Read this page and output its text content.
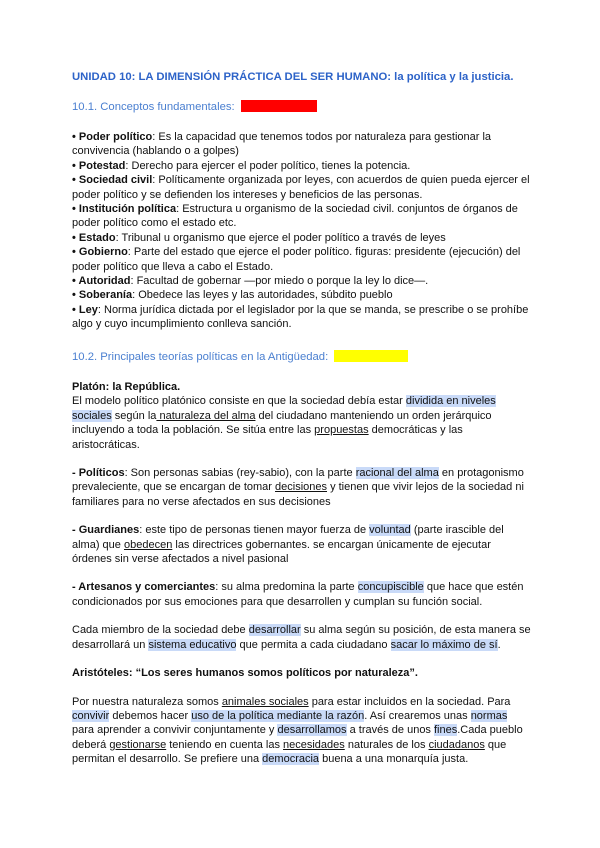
UNIDAD 10: LA DIMENSIÓN PRÁCTICA DEL SER HUMANO: la política y la justicia.
10.1. Conceptos fundamentales:

• Poder político: Es la capacidad que tenemos todos por naturaleza para gestionar la convivencia (hablando o a golpes)

• Potestad: Derecho para ejercer el poder político, tienes la potencia.

• Sociedad civil: Políticamente organizada por leyes, con acuerdos de quien pueda ejercer el poder político y se defienden los intereses y beneficios de las personas.

• Institución política: Estructura u organismo de la sociedad civil. conjuntos de órganos de poder político como el estado etc.

• Estado: Tribunal u organismo que ejerce el poder político a través de leyes

• Gobierno: Parte del estado que ejerce el poder político. figuras: presidente (ejecución) del poder político que lleva a cabo el Estado.

• Autoridad: Facultad de gobernar —por miedo o porque la ley lo dice—.

• Soberanía: Obedece las leyes y las autoridades, súbdito pueblo

• Ley: Norma jurídica dictada por el legislador por la que se manda, se prescribe o se prohíbe algo y cuyo incumplimiento conlleva sanción.

10.2. Principales teorías políticas en la Antigüedad:

Platón: la República.

El modelo político platónico consiste en que la sociedad debía estar dividida en niveles sociales según la naturaleza del alma del ciudadano manteniendo un orden jerárquico incluyendo a toda la población. Se sitúa entre las propuestas democráticas y las aristocráticas.

- Políticos: Son personas sabias (rey-sabio), con la parte racional del alma en protagonismo prevaleciente, que se encargan de tomar decisiones y tienen que vivir lejos de la sociedad ni familiares para no verse afectados en sus decisiones

- Guardianes: este tipo de personas tienen mayor fuerza de voluntad (parte irascible del alma) que obedecen las directrices gobernantes. se encargan únicamente de ejecutar órdenes sin verse afectados a nivel pasional

- Artesanos y comerciantes: su alma predomina la parte concupiscible que hace que estén condicionados por sus emociones para que desarrollen y cumplan su función social.

Cada miembro de la sociedad debe desarrollar su alma según su posición, de esta manera se desarrollará un sistema educativo que permita a cada ciudadano sacar lo máximo de sí.

Aristóteles: “Los seres humanos somos políticos por naturaleza”.

Por nuestra naturaleza somos animales sociales para estar incluidos en la sociedad. Para convivir debemos hacer uso de la política mediante la razón. Así crearemos unas normas para aprender a convivir conjuntamente y desarrollamos a través de unos fines.Cada pueblo deberá gestionarse teniendo en cuenta las necesidades naturales de los ciudadanos que permitan el desarrollo. Se prefiere una democracia buena a una monarquía justa.
